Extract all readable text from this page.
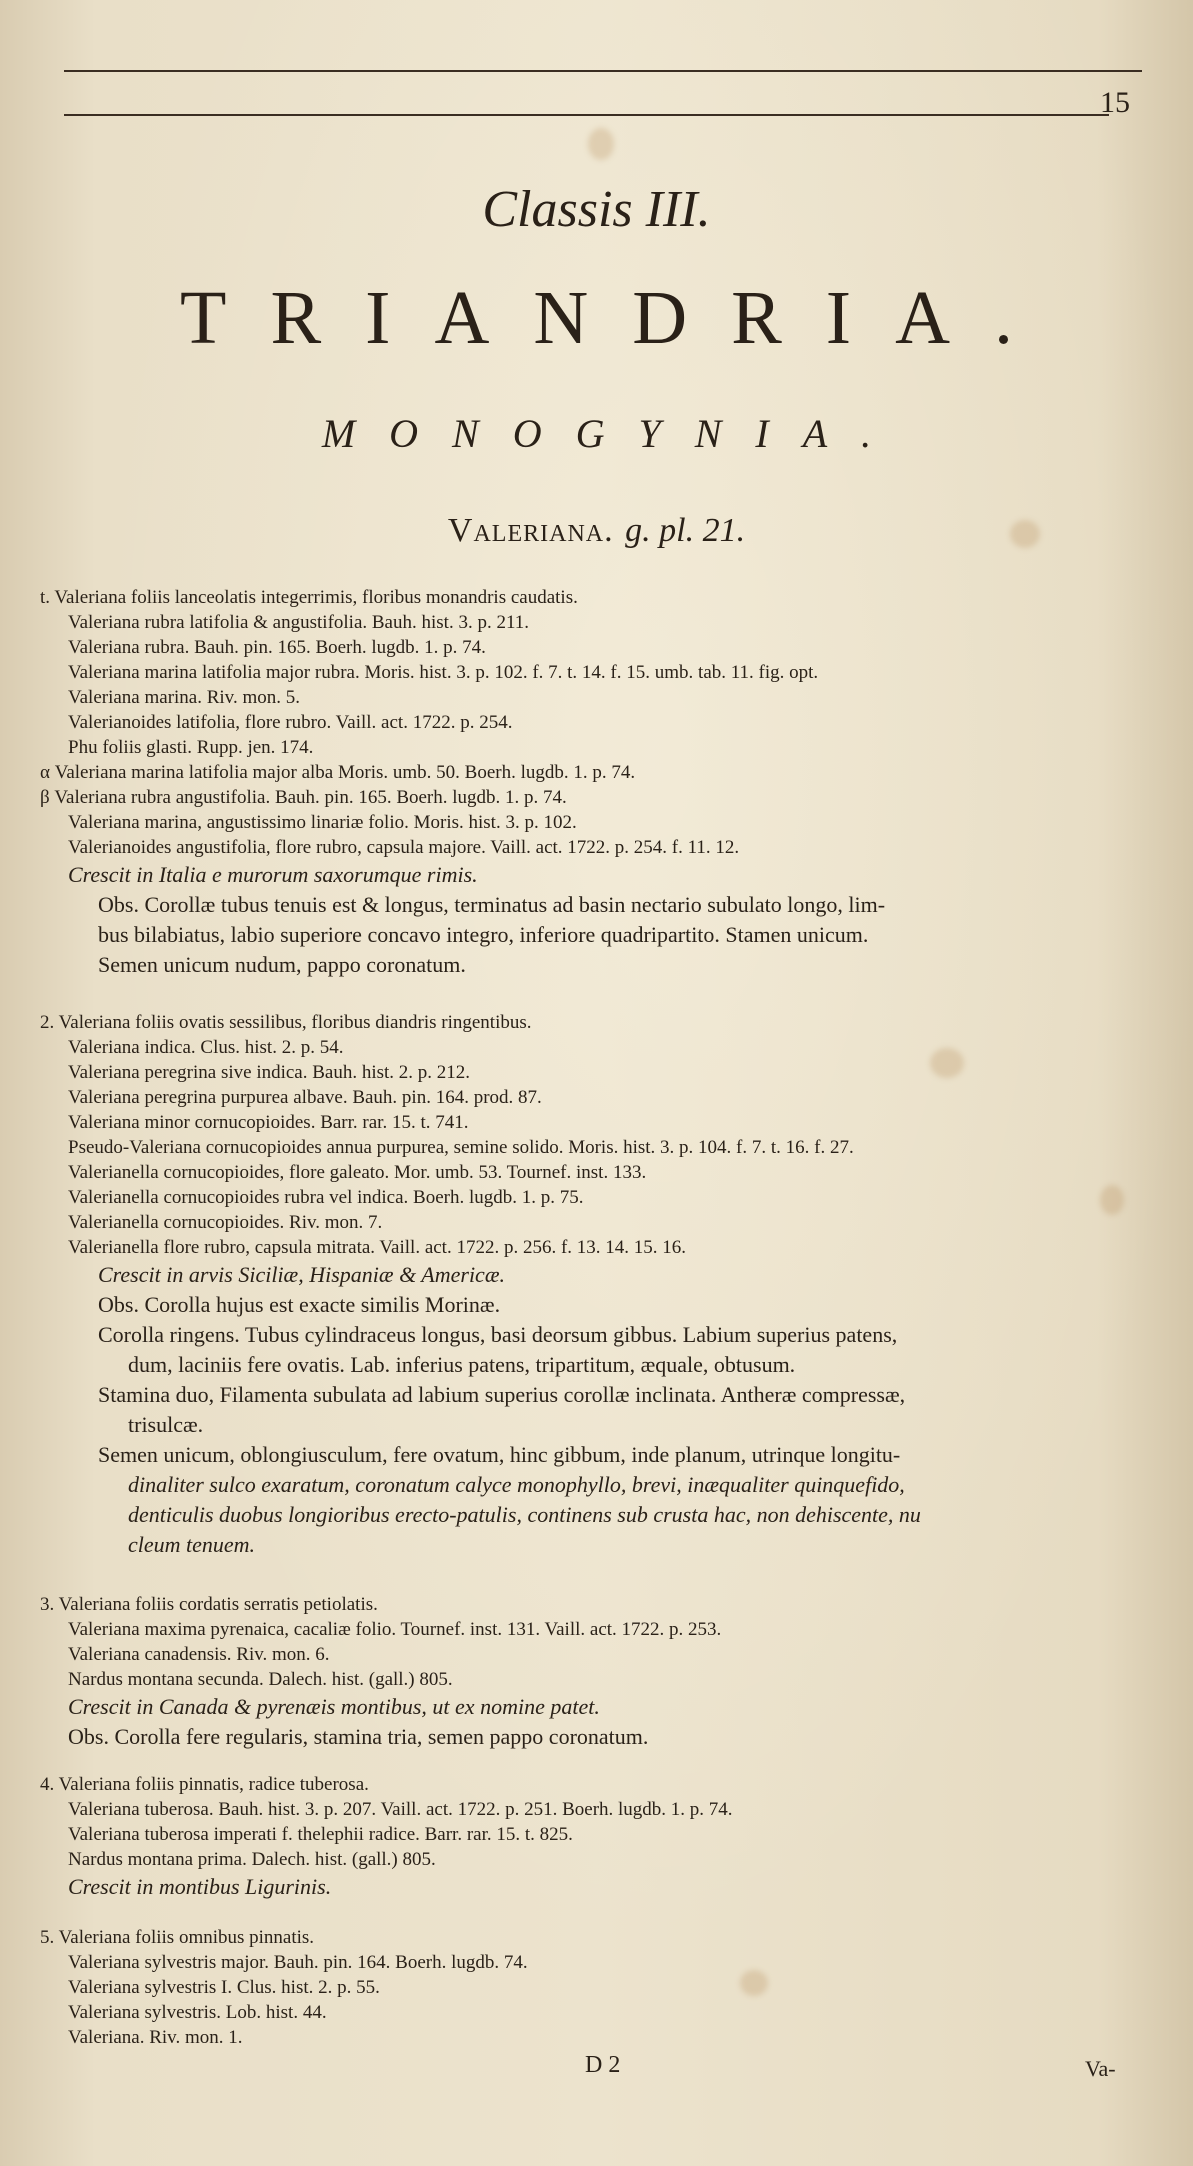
15
Classis III.
TRIANDRIA.
MONOGYNIA.
Valeriana. g. pl. 21.
t. Valeriana foliis lanceolatis integerrimis, floribus monandris caudatis.
Valeriana rubra latifolia & angustifolia. Bauh. hist. 3. p. 211.
Valeriana rubra. Bauh. pin. 165. Boerh. lugdb. 1. p. 74.
Valeriana marina latifolia major rubra. Moris. hist. 3. p. 102. f. 7. t. 14. f. 15. umb. tab. 11. fig. opt.
Valeriana marina. Riv. mon. 5.
Valerianoides latifolia, flore rubro. Vaill. act. 1722. p. 254.
Phu foliis glasti. Rupp. jen. 174.
α Valeriana marina latifolia major alba Moris. umb. 50. Boerh. lugdb. 1. p. 74.
β Valeriana rubra angustifolia. Bauh. pin. 165. Boerh. lugdb. 1. p. 74.
Valeriana marina, angustissimo linariæ folio. Moris. hist. 3. p. 102.
Valerianoides angustifolia, flore rubro, capsula majore. Vaill. act. 1722. p. 254. f. 11. 12.
Crescit in Italia e murorum saxorumque rimis.
Obs. Corollæ tubus tenuis est & longus, terminatus ad basin nectario subulato longo, lim-
bus bilabiatus, labio superiore concavo integro, inferiore quadripartito. Stamen unicum.
Semen unicum nudum, pappo coronatum.
2. Valeriana foliis ovatis sessilibus, floribus diandris ringentibus.
Valeriana indica. Clus. hist. 2. p. 54.
Valeriana peregrina sive indica. Bauh. hist. 2. p. 212.
Valeriana peregrina purpurea albave. Bauh. pin. 164. prod. 87.
Valeriana minor cornucopioides. Barr. rar. 15. t. 741.
Pseudo-Valeriana cornucopioides annua purpurea, semine solido. Moris. hist. 3. p. 104. f. 7. t. 16. f. 27.
Valerianella cornucopioides, flore galeato. Mor. umb. 53. Tournef. inst. 133.
Valerianella cornucopioides rubra vel indica. Boerh. lugdb. 1. p. 75.
Valerianella cornucopioides. Riv. mon. 7.
Valerianella flore rubro, capsula mitrata. Vaill. act. 1722. p. 256. f. 13. 14. 15. 16.
Crescit in arvis Siciliæ, Hispaniæ & Americæ.
Obs. Corolla hujus est exacte similis Morinæ.
Corolla ringens. Tubus cylindraceus longus, basi deorsum gibbus. Labium superius patens,
dum, laciniis fere ovatis. Lab. inferius patens, tripartitum, æquale, obtusum.
Stamina duo, Filamenta subulata ad labium superius corollæ inclinata. Antheræ compressæ,
trisulcæ.
Semen unicum, oblongiusculum, fere ovatum, hinc gibbum, inde planum, utrinque longitu-
dinaliter sulco exaratum, coronatum calyce monophyllo, brevi, inæqualiter quinquefido,
denticulis duobus longioribus erecto-patulis, continens sub crusta hac, non dehiscente, nu
cleum tenuem.
3. Valeriana foliis cordatis serratis petiolatis.
Valeriana maxima pyrenaica, cacaliæ folio. Tournef. inst. 131. Vaill. act. 1722. p. 253.
Valeriana canadensis. Riv. mon. 6.
Nardus montana secunda. Dalech. hist. (gall.) 805.
Crescit in Canada & pyrenæis montibus, ut ex nomine patet.
Obs. Corolla fere regularis, stamina tria, semen pappo coronatum.
4. Valeriana foliis pinnatis, radice tuberosa.
Valeriana tuberosa. Bauh. hist. 3. p. 207. Vaill. act. 1722. p. 251. Boerh. lugdb. 1. p. 74.
Valeriana tuberosa imperati f. thelephii radice. Barr. rar. 15. t. 825.
Nardus montana prima. Dalech. hist. (gall.) 805.
Crescit in montibus Ligurinis.
5. Valeriana foliis omnibus pinnatis.
Valeriana sylvestris major. Bauh. pin. 164. Boerh. lugdb. 74.
Valeriana sylvestris I. Clus. hist. 2. p. 55.
Valeriana sylvestris. Lob. hist. 44.
Valeriana. Riv. mon. 1.
D 2	Va-
